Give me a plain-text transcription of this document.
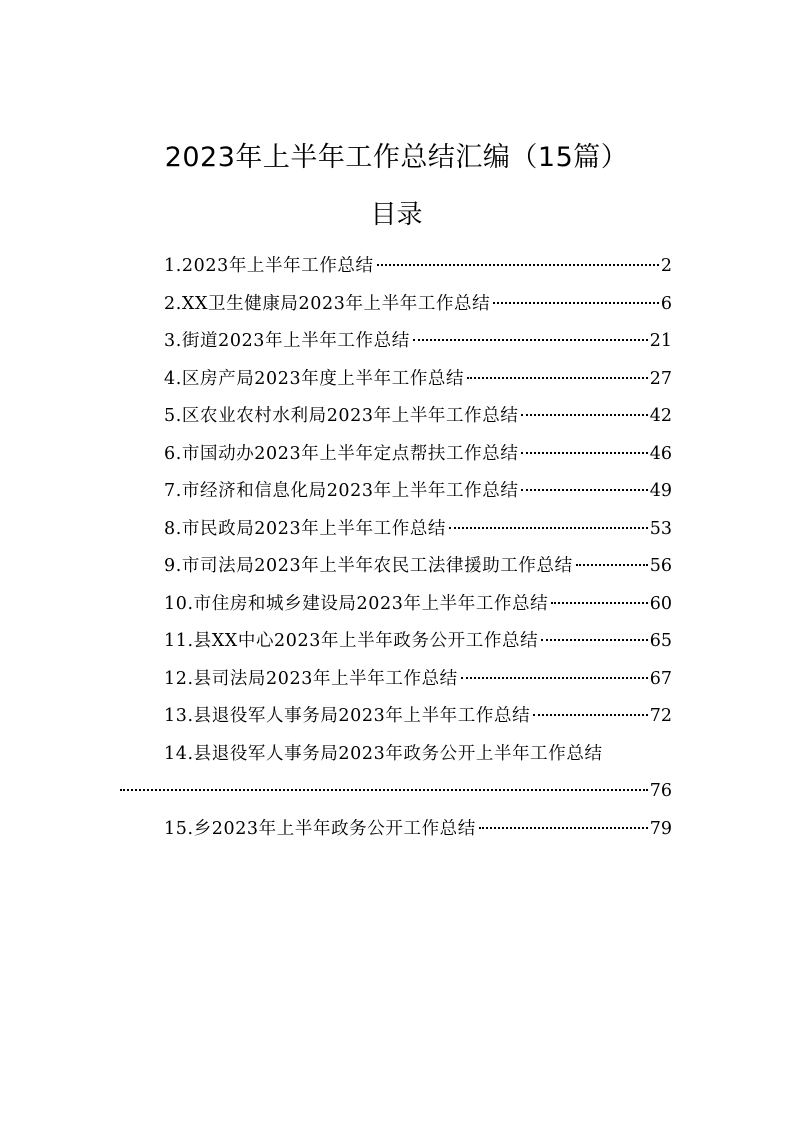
2023年上半年工作总结汇编（15篇）
目录
1.2023年上半年工作总结	2
2.XX卫生健康局2023年上半年工作总结	6
3.街道2023年上半年工作总结	21
4.区房产局2023年度上半年工作总结	27
5.区农业农村水利局2023年上半年工作总结	42
6.市国动办2023年上半年定点帮扶工作总结	46
7.市经济和信息化局2023年上半年工作总结	49
8.市民政局2023年上半年工作总结	53
9.市司法局2023年上半年农民工法律援助工作总结	56
10.市住房和城乡建设局2023年上半年工作总结	60
11.县XX中心2023年上半年政务公开工作总结	65
12.县司法局2023年上半年工作总结	67
13.县退役军人事务局2023年上半年工作总结	72
14.县退役军人事务局2023年政务公开上半年工作总结
76
15.乡2023年上半年政务公开工作总结	79
